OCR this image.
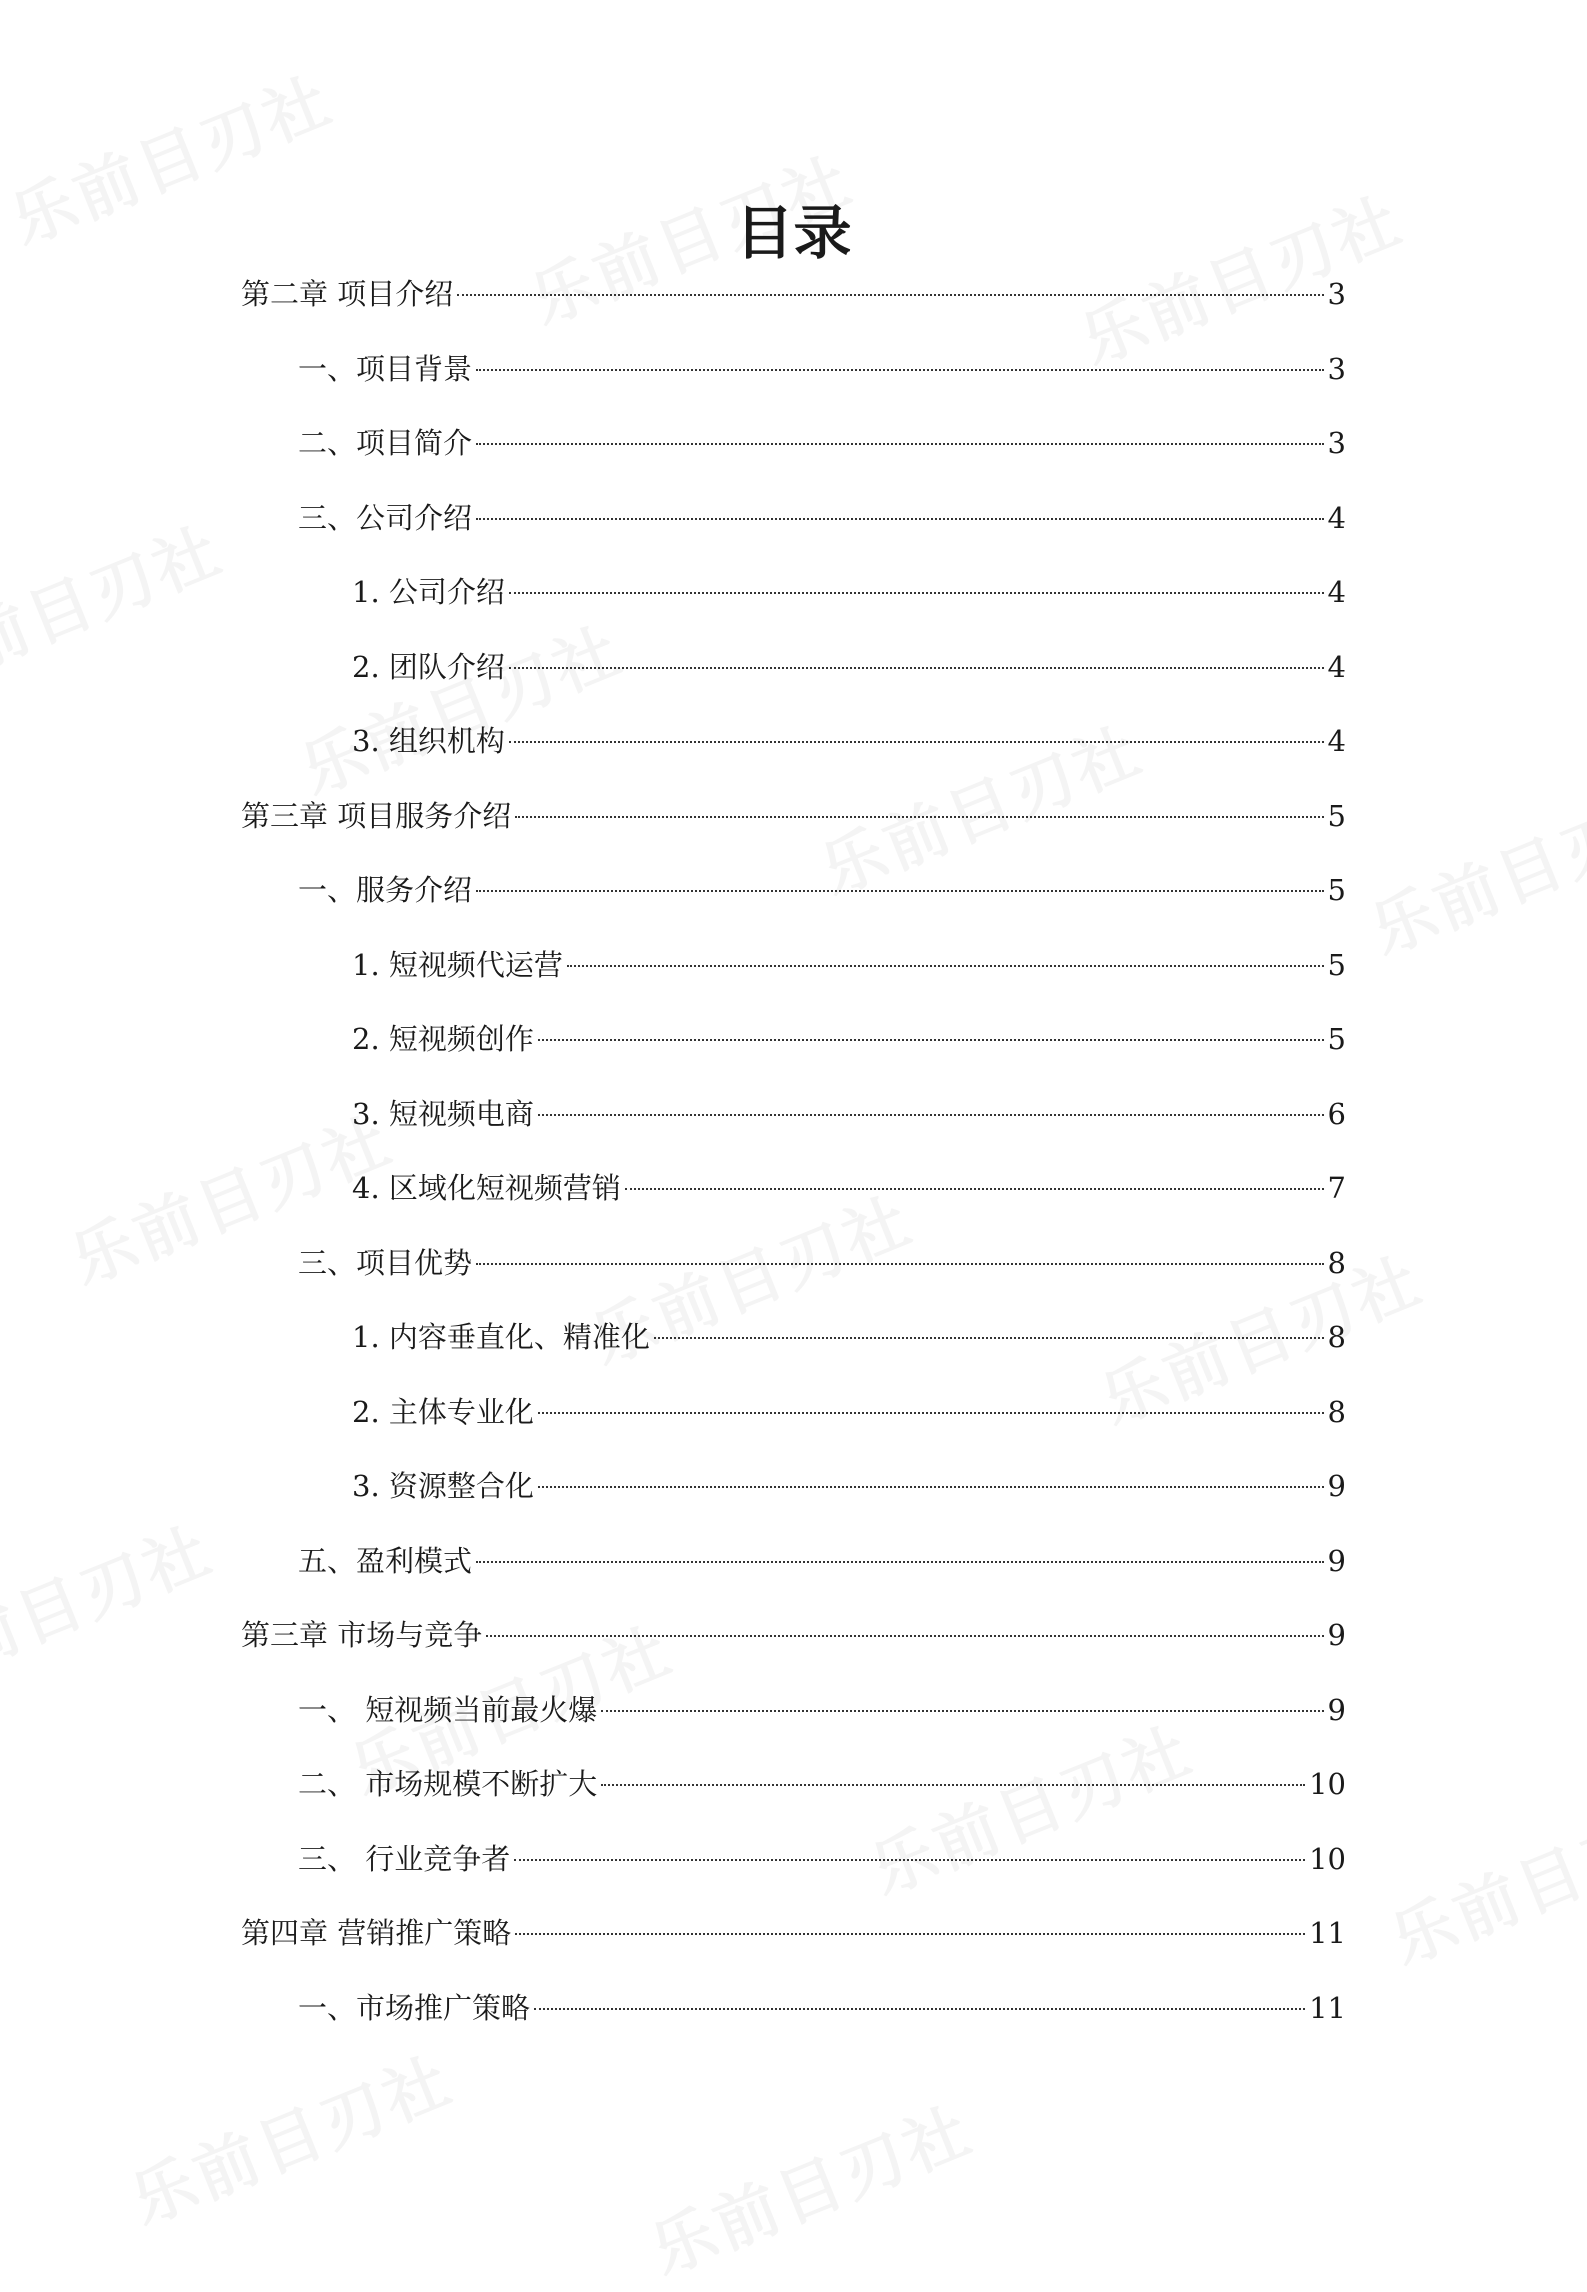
目录
第二章 项目介绍	3
一、项目背景	3
二、项目简介	3
三、公司介绍	4
1. 公司介绍	4
2. 团队介绍	4
3. 组织机构	4
第三章 项目服务介绍	5
一、服务介绍	5
1. 短视频代运营	5
2. 短视频创作	5
3. 短视频电商	6
4. 区域化短视频营销	7
三、项目优势	8
1. 内容垂直化、精准化	8
2. 主体专业化	8
3. 资源整合化	9
五、盈利模式	9
第三章 市场与竞争	9
一、 短视频当前最火爆	9
二、 市场规模不断扩大	10
三、 行业竞争者	10
第四章 营销推广策略	11
一、市场推广策略	11
